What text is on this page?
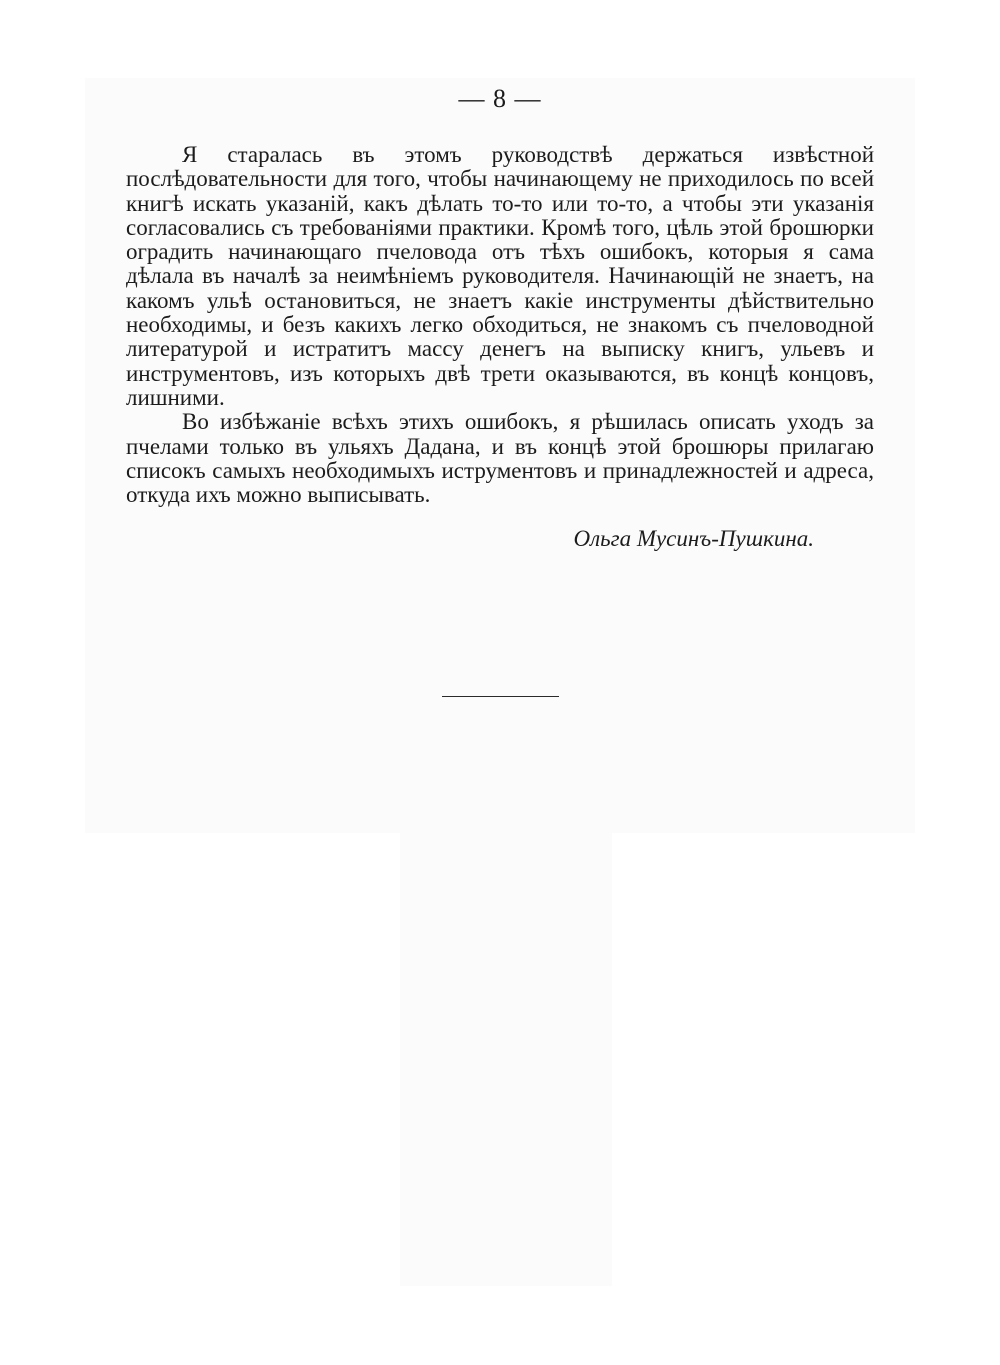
— 8 —

Я старалась въ этомъ руководствѣ держаться извѣстной послѣдовательности для того, чтобы начинающему не приходилось по всей книгѣ искать указаній, какъ дѣлать то-то или то-то, а чтобы эти указанія согласовались съ требованіями практики. Кромѣ того, цѣль этой брошюрки оградить начинающаго пчеловода отъ тѣхъ ошибокъ, которыя я сама дѣлала въ началѣ за неимѣніемъ руководителя. Начинающій не знаетъ, на какомъ ульѣ остановиться, не знаетъ какіе инструменты дѣйствительно необходимы, и безъ какихъ легко обходиться, не знакомъ съ пчеловодной литературой и истратитъ массу денегъ на выписку книгъ, ульевъ и инструментовъ, изъ которыхъ двѣ трети оказываются, въ концѣ концовъ, лишними.

Во избѣжаніе всѣхъ этихъ ошибокъ, я рѣшилась описать уходъ за пчелами только въ ульяхъ Дадана, и въ концѣ этой брошюры прилагаю списокъ самыхъ необходимыхъ иструментовъ и принадлежностей и адреса, откуда ихъ можно выписывать.

Ольга Мусинъ-Пушкина.
